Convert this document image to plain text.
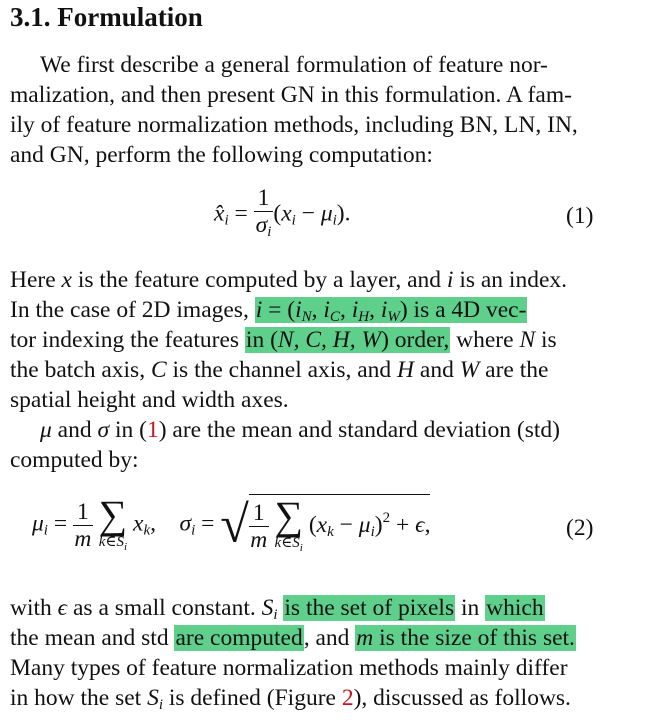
3.1. Formulation
We first describe a general formulation of feature nor-
malization, and then present GN in this formulation. A fam-
ily of feature normalization methods, including BN, LN, IN,
and GN, perform the following computation:
$x̂_i = \frac{1}{\sigma_i} (x_i - \mu_i)$.	(1)
Here x is the feature computed by a layer, and i is an index.
In the case of 2D images, $i = (i_N$, $i_C$, $i_H$, $i_W$) is a 4D vec-
tor indexing the features in (N, C, H, W) order, where N is
the batch axis, C is the channel axis, and H and W are the
spatial height and width axes.
μ and σ in (1) are the mean and standard deviation (std)
computed by:
$\mu_i = \frac{1}{m}$
∑
$k\in S_i$
$x_k$,    $\sigma_i$ = √ $\frac{1}{m}$
∑
$k\in S_i$
$(x_k - \mu_i)^2 + \epsilon$,	(2)
with ϵ as a small constant. $S_i$ is the set of pixels in which
the mean and std are computed, and m is the size of this set.
Many types of feature normalization methods mainly differ
in how the set $S_i$ is defined (Figure 2), discussed as follows.
